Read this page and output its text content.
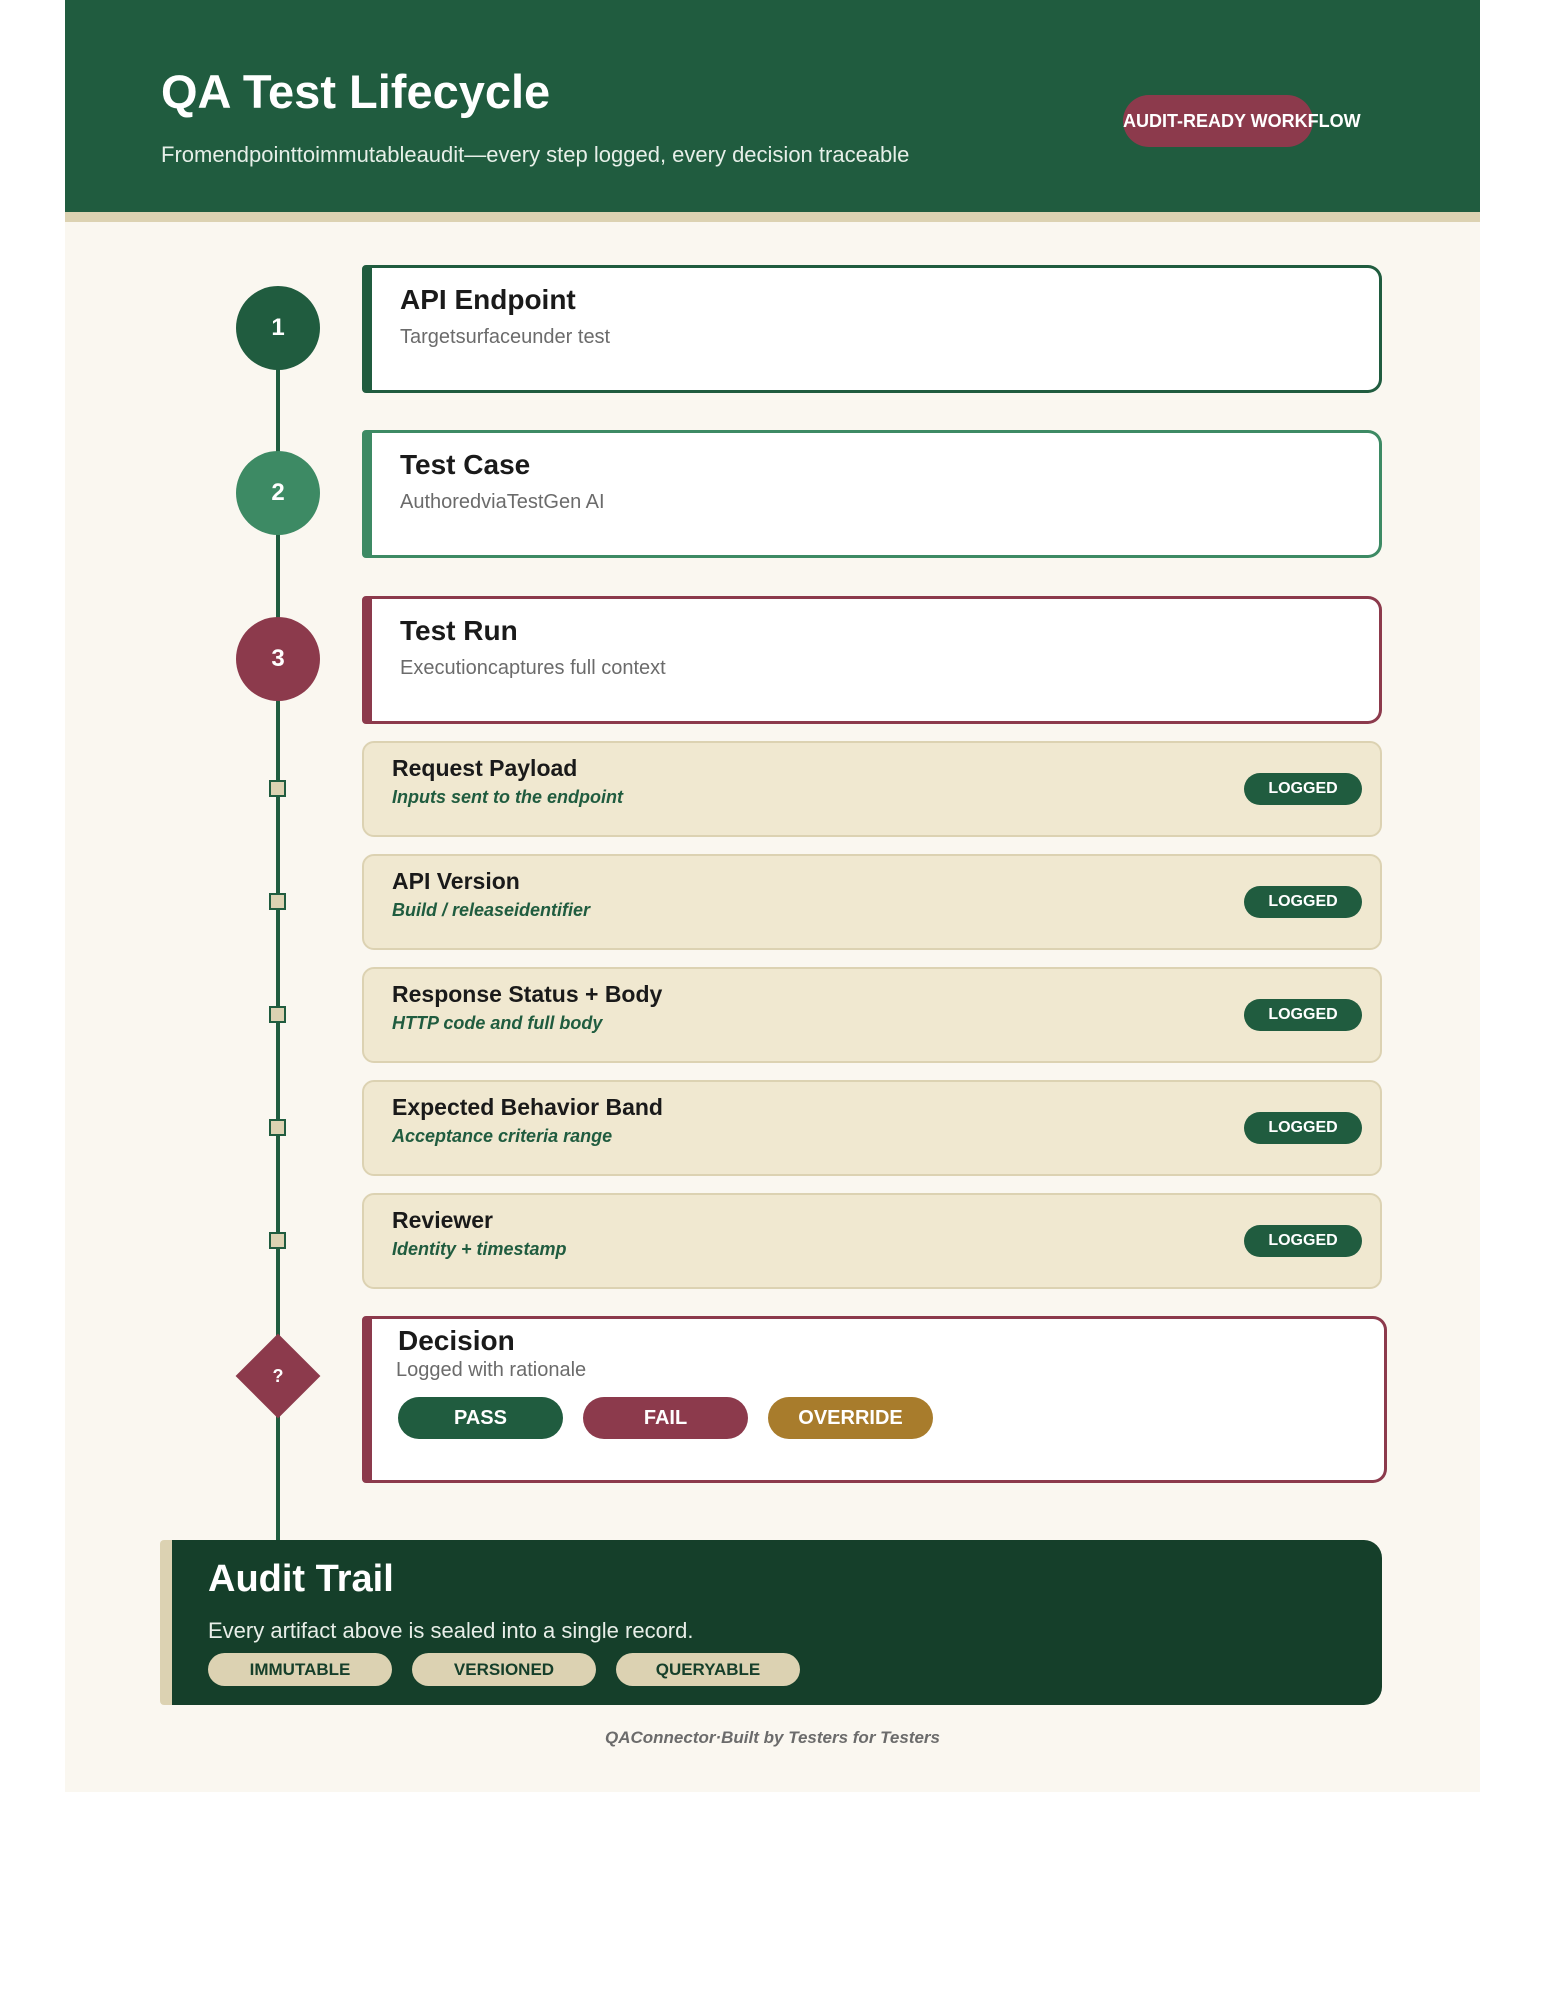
QA Test Lifecycle
Fromendpointtoimmutableaudit—every step logged, every decision traceable
AUDIT-READY WORKFLOW
1
2
3
?
API Endpoint
Targetsurfaceunder test
Test Case
AuthoredviaTestGen AI
Test Run
Executioncaptures full context
Request Payload
Inputs sent to the endpoint	LOGGED
API Version
Build / releaseidentifier	LOGGED
Response Status + Body
HTTP code and full body	LOGGED
Expected Behavior Band
Acceptance criteria range	LOGGED
Reviewer
Identity + timestamp	LOGGED
Decision
Logged with rationale
PASS	FAIL	OVERRIDE
Audit Trail
Every artifact above is sealed into a single record.
IMMUTABLE	VERSIONED	QUERYABLE
QAConnector·Built by Testers for Testers
